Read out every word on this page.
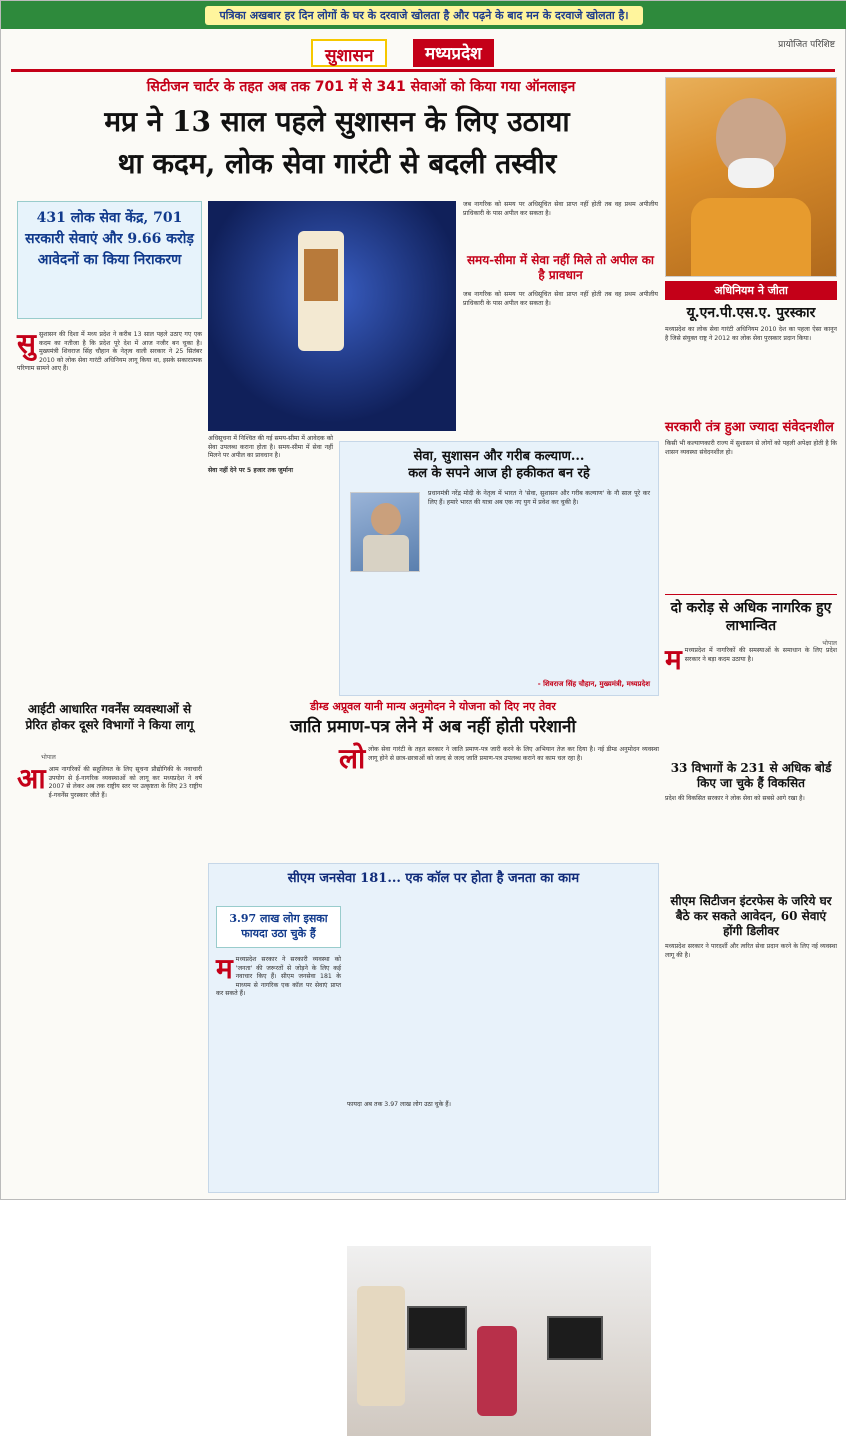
पत्रिका अखबार हर दिन लोगों के घर के दरवाजे खोलता है और पढ़ने के बाद मन के दरवाजे खोलता है।
सुशासन	मध्यप्रदेश	प्रायोजित परिशिष्ट
सिटीजन चार्टर के तहत अब तक 701 में से 341 सेवाओं को किया गया ऑनलाइन
मप्र ने 13 साल पहले सुशासन के लिए उठाया
था कदम, लोक सेवा गारंटी से बदली तस्वीर
431 लोक सेवा केंद्र, 701 सरकारी सेवाएं और 9.66 करोड़ आवेदनों का किया निराकरण
सुसुशासन की दिशा में मध्य प्रदेश ने करीब 13 साल पहले उठाए गए एक कदम का नतीजा है कि प्रदेश पूरे देश में आज नजीर बन चुका है। मुख्यमंत्री शिवराज सिंह चौहान के नेतृत्व वाली सरकार ने 25 सितंबर 2010 को लोक सेवा गारंटी अधिनियम लागू किया था, इसके सकारात्मक परिणाम सामने आए हैं।
अधिसूचना में निश्चित की गई समय-सीमा में आवेदक को सेवा उपलब्ध कराना होता है। समय-सीमा में सेवा नहीं मिलने पर अपील का प्रावधान है।
सेवा नहीं देने पर 5 हजार तक जुर्माना
जब नागरिक को समय पर अधिसूचित सेवा प्राप्त नहीं होती तब वह प्रथम अपीलीय प्राधिकारी के पास अपील कर सकता है।
समय-सीमा में सेवा नहीं मिले तो अपील का है प्रावधान
जब नागरिक को समय पर अधिसूचित सेवा प्राप्त नहीं होती तब वह प्रथम अपीलीय प्राधिकारी के पास अपील कर सकता है।
सेवा, सुशासन और गरीब कल्याण...
कल के सपने आज ही हकीकत बन रहे
प्रधानमंत्री नरेंद्र मोदी के नेतृत्व में भारत ने 'सेवा, सुशासन और गरीब कल्याण' के नौ साल पूरे कर लिए हैं। हमारे भारत की यात्रा अब एक नए युग में प्रवेश कर चुकी है।
- शिवराज सिंह चौहान, मुख्यमंत्री, मध्यप्रदेश
आईटी आधारित गवर्नेंस व्यवस्थाओं से प्रेरित होकर दूसरे विभागों ने किया लागू
भोपाल
आआम नागरिकों की सहूलियत के लिए सूचना प्रौद्योगिकी के नवाचारी उपयोग से ई-नागरिक व्यवस्थाओं को लागू कर मध्यप्रदेश ने वर्ष 2007 से लेकर अब तक राष्ट्रीय स्तर पर उत्कृष्टता के लिए 23 राष्ट्रीय ई-गवर्नेंस पुरस्कार जीते हैं।
डीम्ड अप्रूवल यानी मान्य अनुमोदन ने योजना को दिए नए तेवर
जाति प्रमाण-पत्र लेने में अब नहीं होती परेशानी
लोलोक सेवा गारंटी के तहत सरकार ने जाति प्रमाण-पत्र जारी करने के लिए अभियान तेज कर दिया है। नई डीम्ड अनुमोदन व्यवस्था लागू होने से छात्र-छात्राओं को जल्द से जल्द जाति प्रमाण-पत्र उपलब्ध कराने का काम चल रहा है।
सीएम जनसेवा 181... एक कॉल पर होता है जनता का काम
3.97 लाख लोग इसका फायदा उठा चुके हैं
ममध्यप्रदेश सरकार ने सरकारी व्यवस्था को 'जनता' की जरूरतों से जोड़ने के लिए कई नवाचार किए हैं। सीएम जनसेवा 181 के माध्यम से नागरिक एक कॉल पर सेवाएं प्राप्त कर सकते हैं।
फायदा अब तक 3.97 लाख लोग उठा चुके हैं।
अधिनियम ने जीता
यू.एन.पी.एस.ए. पुरस्कार
मध्यप्रदेश का लोक सेवा गारंटी अधिनियम 2010 देश का पहला ऐसा कानून है जिसे संयुक्त राष्ट्र ने 2012 का लोक सेवा पुरस्कार प्रदान किया।
सरकारी तंत्र हुआ ज्यादा संवेदनशील
किसी भी कल्याणकारी राज्य में सुशासन से लोगों को पहली अपेक्षा होती है कि शासन व्यवस्था संवेदनशील हो।
दो करोड़ से अधिक नागरिक हुए लाभान्वित
भोपाल
ममध्यप्रदेश में नागरिकों की समस्याओं के समाधान के लिए प्रदेश सरकार ने बड़ा कदम उठाया है।
33 विभागों के 231 से अधिक बोर्ड किए जा चुके हैं विकसित
प्रदेश की विकसित सरकार ने लोक सेवा को सबसे आगे रखा है।
सीएम सिटीजन इंटरफेस के जरिये घर बैठे कर सकते आवेदन, 60 सेवाएं होंगी डिलीवर
मध्यप्रदेश सरकार ने पारदर्शी और त्वरित सेवा प्रदान करने के लिए नई व्यवस्था लागू की है।
